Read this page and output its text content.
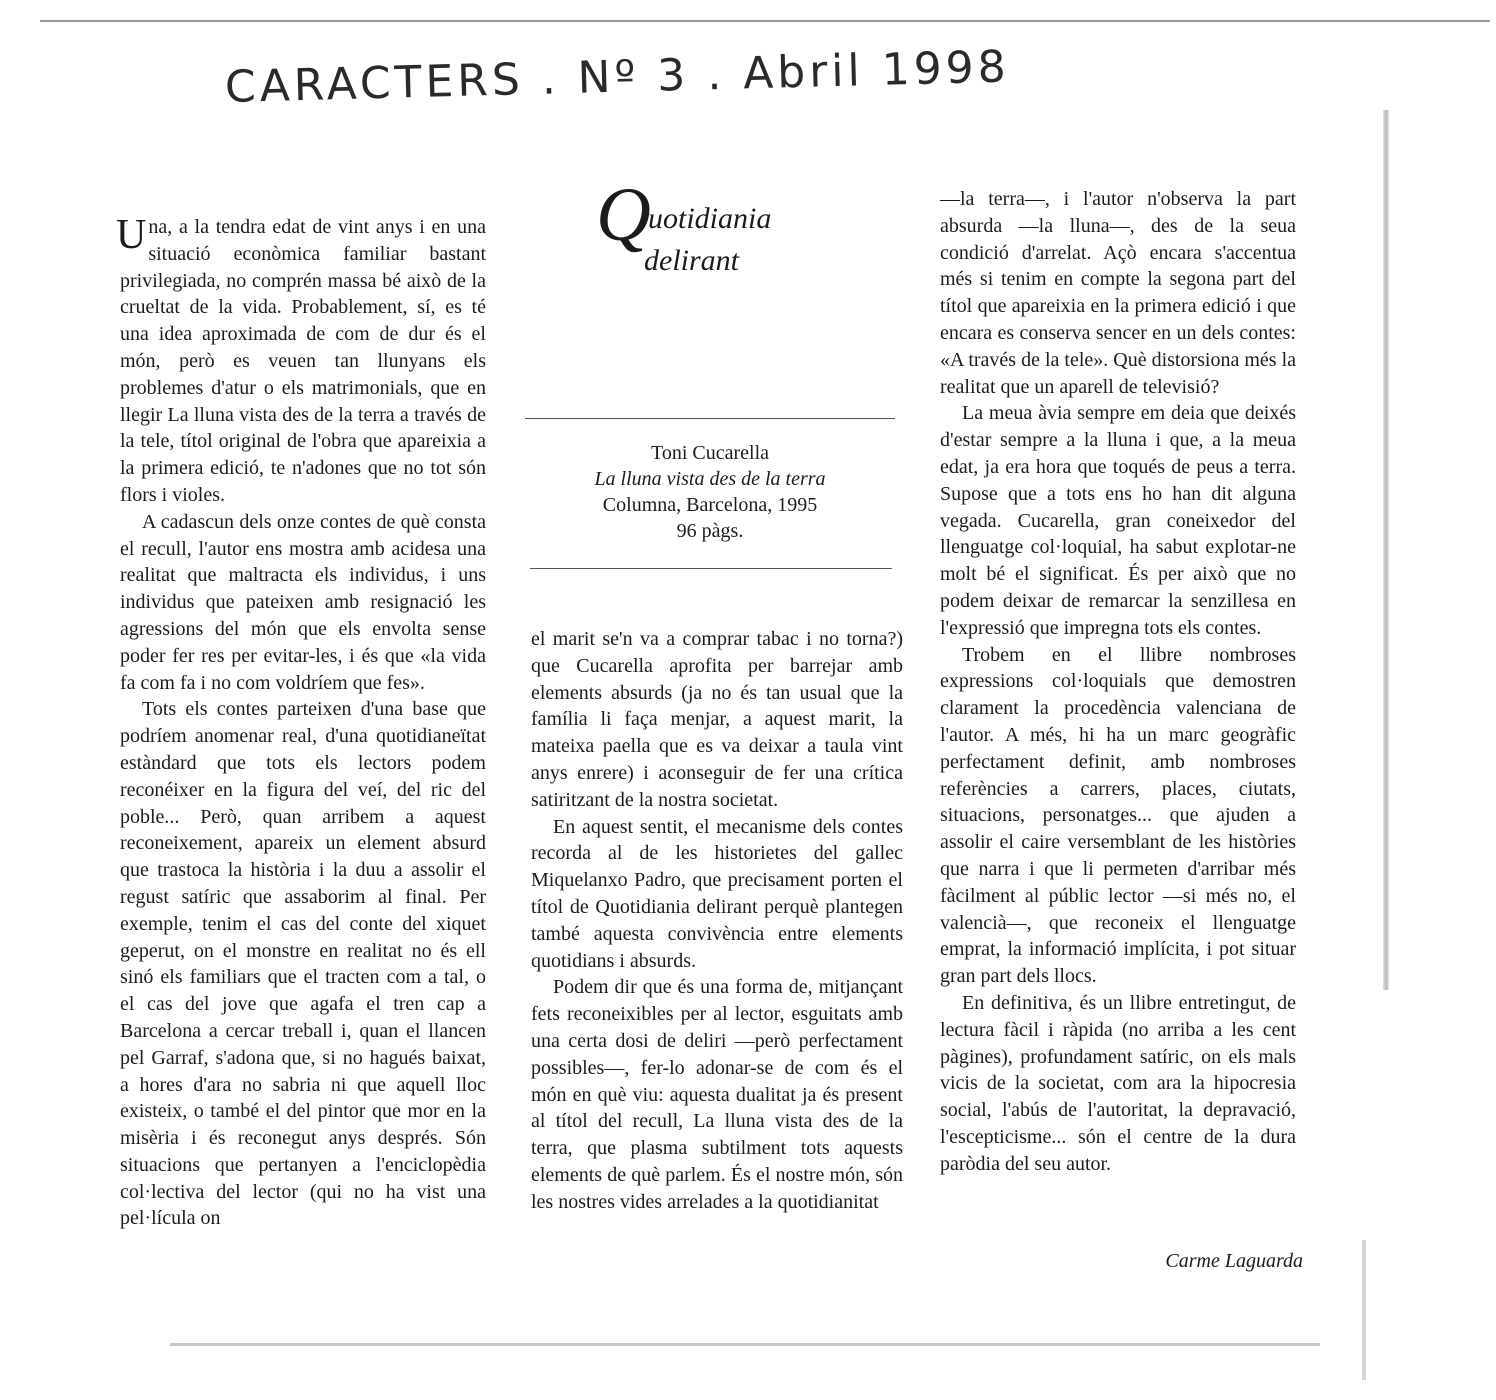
CARACTERS . Nº 3 . Abril 1998
Q
uotidiania
delirant
Toni Cucarella
La lluna vista des de la terra
Columna, Barcelona, 1995
96 pàgs.

Una, a la tendra edat de vint anys i en una situació econòmica familiar bastant privilegiada, no comprén massa bé això de la crueltat de la vida. Probablement, sí, es té una idea aproximada de com de dur és el món, però es veuen tan llunyans els problemes d'atur o els matrimonials, que en llegir La lluna vista des de la terra a través de la tele, títol original de l'obra que apareixia a la primera edició, te n'adones que no tot són flors i violes.

A cadascun dels onze contes de què consta el recull, l'autor ens mostra amb acidesa una realitat que maltracta els individus, i uns individus que pateixen amb resignació les agressions del món que els envolta sense poder fer res per evitar-les, i és que «la vida fa com fa i no com voldríem que fes».

Tots els contes parteixen d'una base que podríem anomenar real, d'una quotidianeïtat estàndard que tots els lectors podem reconéixer en la figura del veí, del ric del poble... Però, quan arribem a aquest reconeixement, apareix un element absurd que trastoca la història i la duu a assolir el regust satíric que assaborim al final. Per exemple, tenim el cas del conte del xiquet geperut, on el monstre en realitat no és ell sinó els familiars que el tracten com a tal, o el cas del jove que agafa el tren cap a Barcelona a cercar treball i, quan el llancen pel Garraf, s'adona que, si no hagués baixat, a hores d'ara no sabria ni que aquell lloc existeix, o també el del pintor que mor en la misèria i és reconegut anys després. Són situacions que pertanyen a l'enciclopèdia col·lectiva del lector (qui no ha vist una pel·lícula on

el marit se'n va a comprar tabac i no torna?) que Cucarella aprofita per barrejar amb elements absurds (ja no és tan usual que la família li faça menjar, a aquest marit, la mateixa paella que es va deixar a taula vint anys enrere) i aconseguir de fer una crítica satiritzant de la nostra societat.

En aquest sentit, el mecanisme dels contes recorda al de les historietes del gallec Miquelanxo Padro, que precisament porten el títol de Quotidiania delirant perquè plantegen també aquesta convivència entre elements quotidians i absurds.

Podem dir que és una forma de, mitjançant fets reconeixibles per al lector, esguitats amb una certa dosi de deliri —però perfectament possibles—, fer-lo adonar-se de com és el món en què viu: aquesta dualitat ja és present al títol del recull, La lluna vista des de la terra, que plasma subtilment tots aquests elements de què parlem. És el nostre món, són les nostres vides arrelades a la quotidianitat

—la terra—, i l'autor n'observa la part absurda —la lluna—, des de la seua condició d'arrelat. Açò encara s'accentua més si tenim en compte la segona part del títol que apareixia en la primera edició i que encara es conserva sencer en un dels contes: «A través de la tele». Què distorsiona més la realitat que un aparell de televisió?

La meua àvia sempre em deia que deixés d'estar sempre a la lluna i que, a la meua edat, ja era hora que toqués de peus a terra. Supose que a tots ens ho han dit alguna vegada. Cucarella, gran coneixedor del llenguatge col·loquial, ha sabut explotar-ne molt bé el significat. És per això que no podem deixar de remarcar la senzillesa en l'expressió que impregna tots els contes.

Trobem en el llibre nombroses expressions col·loquials que demostren clarament la procedència valenciana de l'autor. A més, hi ha un marc geogràfic perfectament definit, amb nombroses referències a carrers, places, ciutats, situacions, personatges... que ajuden a assolir el caire versemblant de les històries que narra i que li permeten d'arribar més fàcilment al públic lector —si més no, el valencià—, que reconeix el llenguatge emprat, la informació implícita, i pot situar gran part dels llocs.

En definitiva, és un llibre entretingut, de lectura fàcil i ràpida (no arriba a les cent pàgines), profundament satíric, on els mals vicis de la societat, com ara la hipocresia social, l'abús de l'autoritat, la depravació, l'escepticisme... són el centre de la dura paròdia del seu autor.

Carme Laguarda
